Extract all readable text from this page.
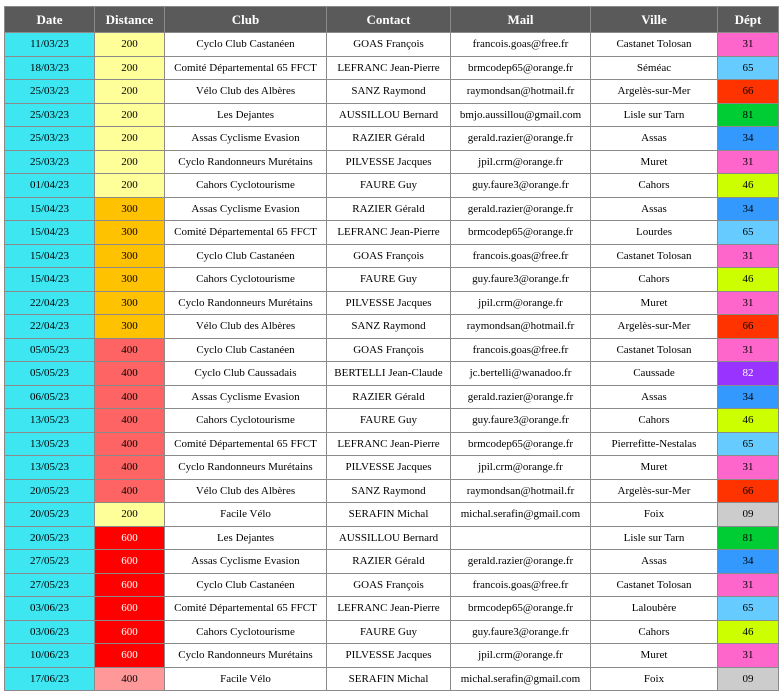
Date	Distance	Club	Contact	Mail	Ville	Dépt
11/03/23	200	Cyclo Club Castanéen	GOAS François	francois.goas@free.fr	Castanet Tolosan	31
18/03/23	200	Comité Départemental 65 FFCT	LEFRANC Jean-Pierre	brmcodep65@orange.fr	Séméac	65
25/03/23	200	Vélo Club des Albères	SANZ Raymond	raymondsan@hotmail.fr	Argelès-sur-Mer	66
25/03/23	200	Les Dejantes	AUSSILLOU Bernard	bmjo.aussillou@gmail.com	Lisle sur Tarn	81
25/03/23	200	Assas Cyclisme Evasion	RAZIER Gérald	gerald.razier@orange.fr	Assas	34
25/03/23	200	Cyclo Randonneurs Murétains	PILVESSE Jacques	jpil.crm@orange.fr	Muret	31
01/04/23	200	Cahors Cyclotourisme	FAURE Guy	guy.faure3@orange.fr	Cahors	46
15/04/23	300	Assas Cyclisme Evasion	RAZIER Gérald	gerald.razier@orange.fr	Assas	34
15/04/23	300	Comité Départemental 65 FFCT	LEFRANC Jean-Pierre	brmcodep65@orange.fr	Lourdes	65
15/04/23	300	Cyclo Club Castanéen	GOAS François	francois.goas@free.fr	Castanet Tolosan	31
15/04/23	300	Cahors Cyclotourisme	FAURE Guy	guy.faure3@orange.fr	Cahors	46
22/04/23	300	Cyclo Randonneurs Murétains	PILVESSE Jacques	jpil.crm@orange.fr	Muret	31
22/04/23	300	Vélo Club des Albères	SANZ Raymond	raymondsan@hotmail.fr	Argelès-sur-Mer	66
05/05/23	400	Cyclo Club Castanéen	GOAS François	francois.goas@free.fr	Castanet Tolosan	31
05/05/23	400	Cyclo Club Caussadais	BERTELLI Jean-Claude	jc.bertelli@wanadoo.fr	Caussade	82
06/05/23	400	Assas Cyclisme Evasion	RAZIER Gérald	gerald.razier@orange.fr	Assas	34
13/05/23	400	Cahors Cyclotourisme	FAURE Guy	guy.faure3@orange.fr	Cahors	46
13/05/23	400	Comité Départemental 65 FFCT	LEFRANC Jean-Pierre	brmcodep65@orange.fr	Pierrefitte-Nestalas	65
13/05/23	400	Cyclo Randonneurs Murétains	PILVESSE Jacques	jpil.crm@orange.fr	Muret	31
20/05/23	400	Vélo Club des Albères	SANZ Raymond	raymondsan@hotmail.fr	Argelès-sur-Mer	66
20/05/23	200	Facile Vélo	SERAFIN Michal	michal.serafin@gmail.com	Foix	09
20/05/23	600	Les Dejantes	AUSSILLOU Bernard		Lisle sur Tarn	81
27/05/23	600	Assas Cyclisme Evasion	RAZIER Gérald	gerald.razier@orange.fr	Assas	34
27/05/23	600	Cyclo Club Castanéen	GOAS François	francois.goas@free.fr	Castanet Tolosan	31
03/06/23	600	Comité Départemental 65 FFCT	LEFRANC Jean-Pierre	brmcodep65@orange.fr	Laloubère	65
03/06/23	600	Cahors Cyclotourisme	FAURE Guy	guy.faure3@orange.fr	Cahors	46
10/06/23	600	Cyclo Randonneurs Murétains	PILVESSE Jacques	jpil.crm@orange.fr	Muret	31
17/06/23	400	Facile Vélo	SERAFIN Michal	michal.serafin@gmail.com	Foix	09
